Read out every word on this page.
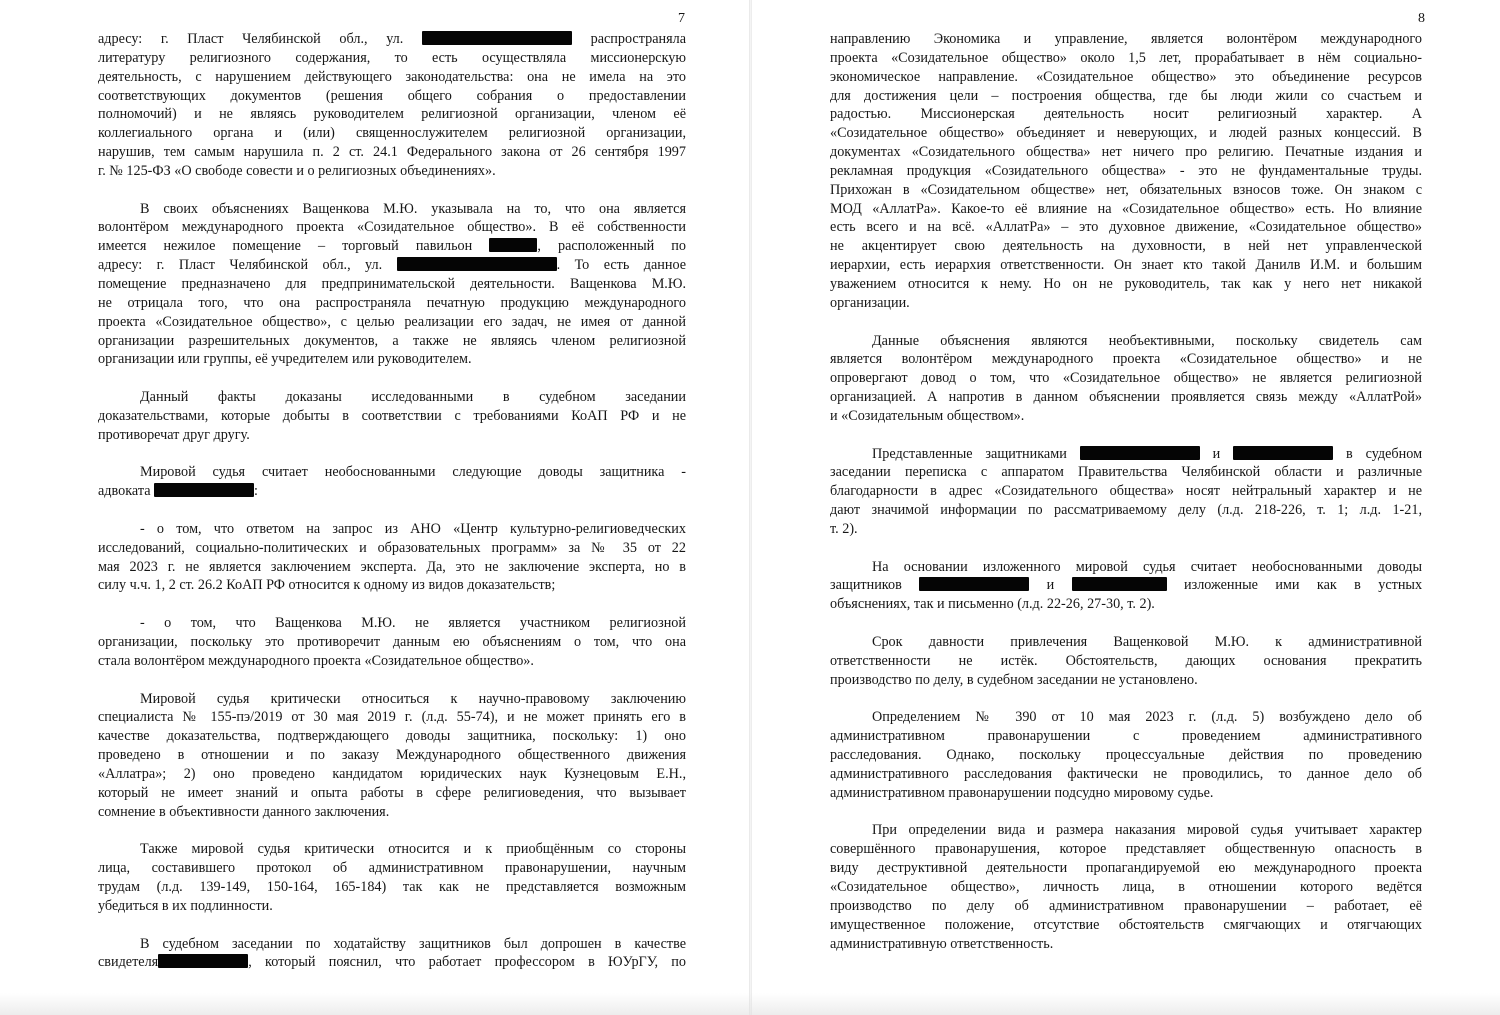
7
адресу: г. Пласт Челябинской обл., ул.	распространяла
литературу религиозного содержания, то есть осуществляла миссионерскую
деятельность, с нарушением действующего законодательства: она не имела на это
соответствующих документов (решения общего собрания о предоставлении
полномочий) и не являясь руководителем религиозной организации, членом её
коллегиального органа и (или) священнослужителем религиозной организации,
нарушив, тем самым нарушила п. 2 ст. 24.1 Федерального закона от 26 сентября 1997
г. № 125-ФЗ «О свободе совести и о религиозных объединениях».
В своих объяснениях Ващенкова М.Ю. указывала на то, что она является
волонтёром международного проекта «Созидательное общество». В её собственности
имеется нежилое помещение – торговый павильон	, расположенный по
адресу: г. Пласт Челябинской обл., ул.	. То есть данное
помещение предназначено для предпринимательской деятельности. Ващенкова М.Ю.
не отрицала того, что она распространяла печатную продукцию международного
проекта «Созидательное общество», с целью реализации его задач, не имея от данной
организации разрешительных документов, а также не являясь членом религиозной
организации или группы, её учредителем или руководителем.
Данный факты доказаны исследованными в судебном заседании
доказательствами, которые добыты в соответствии с требованиями КоАП РФ и не
противоречат друг другу.
Мировой судья считает необоснованными следующие доводы защитника -
адвоката	:
- о том, что ответом на запрос из АНО «Центр культурно-религиоведческих
исследований, социально-политических и образовательных программ» за № 35 от 22
мая 2023 г. не является заключением эксперта. Да, это не заключение эксперта, но в
силу ч.ч. 1, 2 ст. 26.2 КоАП РФ относится к одному из видов доказательств;
- о том, что Ващенкова М.Ю. не является участником религиозной
организации, поскольку это противоречит данным ею объяснениям о том, что она
стала волонтёром международного проекта «Созидательное общество».
Мировой судья критически относиться к научно-правовому заключению
специалиста № 155-пэ/2019 от 30 мая 2019 г. (л.д. 55-74), и не может принять его в
качестве доказательства, подтверждающего доводы защитника, поскольку: 1) оно
проведено в отношении и по заказу Международного общественного движения
«Аллатра»; 2) оно проведено кандидатом юридических наук Кузнецовым Е.Н.,
который не имеет знаний и опыта работы в сфере религиоведения, что вызывает
сомнение в объективности данного заключения.
Также мировой судья критически относится и к приобщённым со стороны
лица, составившего протокол об административном правонарушении, научным
трудам (л.д. 139-149, 150-164, 165-184) так как не представляется возможным
убедиться в их подлинности.
В судебном заседании по ходатайству защитников был допрошен в качестве
свидетеля	, который пояснил, что работает профессором в ЮУрГУ, по
8
направлению Экономика и управление, является волонтёром международного
проекта «Созидательное общество» около 1,5 лет, прорабатывает в нём социально-
экономическое направление. «Созидательное общество» это объединение ресурсов
для достижения цели – построения общества, где бы люди жили со счастьем и
радостью. Миссионерская деятельность носит религиозный характер. А
«Созидательное общество» объединяет и неверующих, и людей разных концессий. В
документах «Созидательного общества» нет ничего про религию. Печатные издания и
рекламная продукция «Созидательного общества» - это не фундаментальные труды.
Прихожан в «Созидательном обществе» нет, обязательных взносов тоже. Он знаком с
МОД «АллатРа». Какое-то её влияние на «Созидательное общество» есть. Но влияние
есть всего и на всё. «АллатРа» – это духовное движение, «Созидательное общество»
не акцентирует свою деятельность на духовности, в ней нет управленческой
иерархии, есть иерархия ответственности. Он знает кто такой Данилв И.М. и большим
уважением относится к нему. Но он не руководитель, так как у него нет никакой
организации.
Данные объяснения являются необъективными, поскольку свидетель сам
является волонтёром международного проекта «Созидательное общество» и не
опровергают довод о том, что «Созидательное общество» не является религиозной
организацией. А напротив в данном объяснении проявляется связь между «АллатРой»
и «Созидательным обществом».
Представленные защитниками	и	в судебном
заседании переписка с аппаратом Правительства Челябинской области и различные
благодарности в адрес «Созидательного общества» носят нейтральный характер и не
дают значимой информации по рассматриваемому делу (л.д. 218-226, т. 1; л.д. 1-21,
т. 2).
На основании изложенного мировой судья считает необоснованными доводы
защитников	и	изложенные ими как в устных
объяснениях, так и письменно (л.д. 22-26, 27-30, т. 2).
Срок давности привлечения Ващенковой М.Ю. к административной
ответственности не истёк. Обстоятельств, дающих основания прекратить
производство по делу, в судебном заседании не установлено.
Определением № 390 от 10 мая 2023 г. (л.д. 5) возбуждено дело об
административном правонарушении с проведением административного
расследования. Однако, поскольку процессуальные действия по проведению
административного расследования фактически не проводились, то данное дело об
административном правонарушении подсудно мировому судье.
При определении вида и размера наказания мировой судья учитывает характер
совершённого правонарушения, которое представляет общественную опасность в
виду деструктивной деятельности пропагандируемой ею международного проекта
«Созидательное общество», личность лица, в отношении которого ведётся
производство по делу об административном правонарушении – работает, её
имущественное положение, отсутствие обстоятельств смягчающих и отягчающих
административную ответственность.
